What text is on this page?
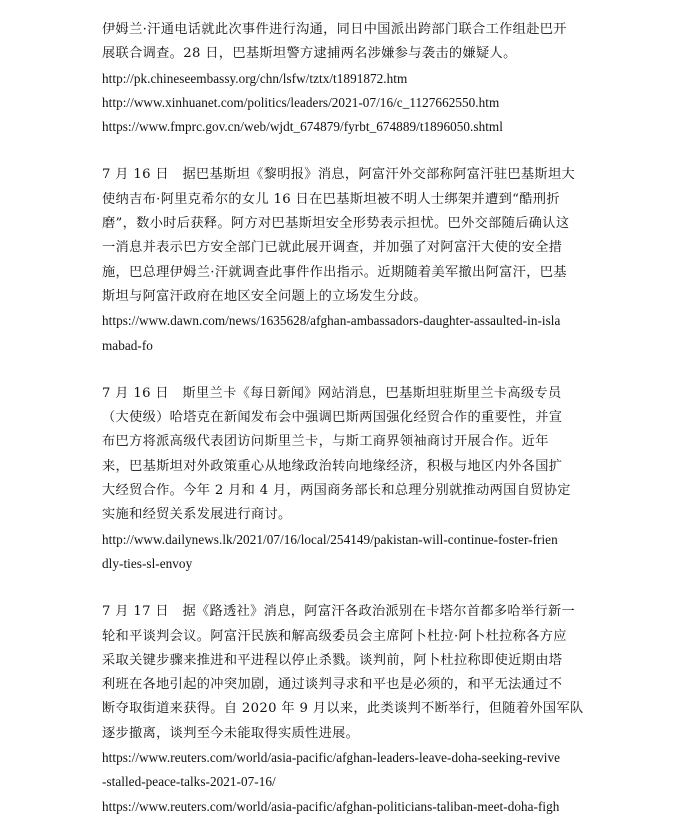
伊姆兰·汗通电话就此次事件进行沟通，同日中国派出跨部门联合工作组赴巴开
展联合调查。28 日，巴基斯坦警方逮捕两名涉嫌参与袭击的嫌疑人。
http://pk.chineseembassy.org/chn/lsfw/tztx/t1891872.htm
http://www.xinhuanet.com/politics/leaders/2021-07/16/c_1127662550.htm
https://www.fmprc.gov.cn/web/wjdt_674879/fyrbt_674889/t1896050.shtml
7 月 16 日　据巴基斯坦《黎明报》消息，阿富汗外交部称阿富汗驻巴基斯坦大
使纳吉布·阿里克希尔的女儿 16 日在巴基斯坦被不明人士绑架并遭到“酷刑折
磨”，数小时后获释。阿方对巴基斯坦安全形势表示担忧。巴外交部随后确认这
一消息并表示巴方安全部门已就此展开调查，并加强了对阿富汗大使的安全措
施，巴总理伊姆兰·汗就调查此事件作出指示。近期随着美军撤出阿富汗，巴基
斯坦与阿富汗政府在地区安全问题上的立场发生分歧。
https://www.dawn.com/news/1635628/afghan-ambassadors-daughter-assaulted-in-isla
mabad-fo
7 月 16 日　斯里兰卡《每日新闻》网站消息，巴基斯坦驻斯里兰卡高级专员
（大使级）哈塔克在新闻发布会中强调巴斯两国强化经贸合作的重要性，并宣
布巴方将派高级代表团访问斯里兰卡，与斯工商界领袖商讨开展合作。近年
来，巴基斯坦对外政策重心从地缘政治转向地缘经济，积极与地区内外各国扩
大经贸合作。今年 2 月和 4 月，两国商务部长和总理分别就推动两国自贸协定
实施和经贸关系发展进行商讨。
http://www.dailynews.lk/2021/07/16/local/254149/pakistan-will-continue-foster-frien
dly-ties-sl-envoy
7 月 17 日　据《路透社》消息，阿富汗各政治派别在卡塔尔首都多哈举行新一
轮和平谈判会议。阿富汗民族和解高级委员会主席阿卜杜拉·阿卜杜拉称各方应
采取关键步骤来推进和平进程以停止杀戮。谈判前，阿卜杜拉称即使近期由塔
利班在各地引起的冲突加剧，通过谈判寻求和平也是必须的，和平无法通过不
断夺取街道来获得。自 2020 年 9 月以来，此类谈判不断举行，但随着外国军队
逐步撤离，谈判至今未能取得实质性进展。
https://www.reuters.com/world/asia-pacific/afghan-leaders-leave-doha-seeking-revive
-stalled-peace-talks-2021-07-16/
https://www.reuters.com/world/asia-pacific/afghan-politicians-taliban-meet-doha-figh
